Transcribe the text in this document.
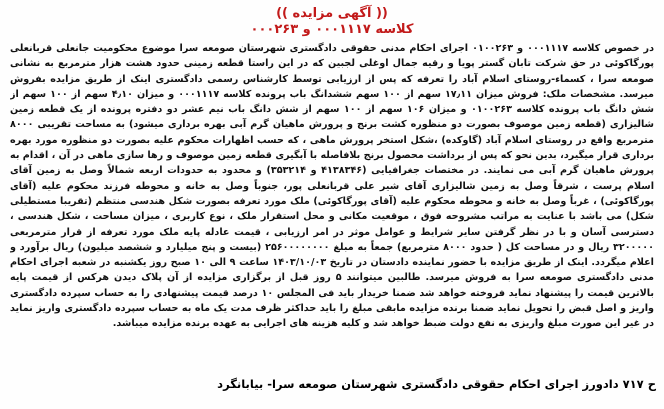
(( آگهی مزایده ))
کلاسه ۰۰۰۱۱۱۷ و ۰۰۰۲۶۳
در خصوص کلاسه ۰۰۰۱۱۱۷ و ۰۱۰۰۲۶۳ اجرای احکام مدنی حقوقی دادگستری شهرستان صومعه سرا موضوع محکومیت جانعلی قربانعلی پورگاکوئی در حق شرکت تابان گستر پویا و رقیه جمال اوغلی لجبین که در این راستا قطعه زمینی حدود هشت هزار مترمربع به نشانی صومعه سرا ، کسماء-روستای اسلام آباد را تعرفه که پس از ارزیابی توسط کارشناس رسمی دادگستری اینک از طریق مزایده بفروش میرسد. مشخصات ملک: فروش میزان ۱۷٫۱۱ سهم از ۱۰۰ سهم ششدانگ باب پرونده کلاسه ۰۰۰۱۱۱۷ و میزان ۴٫۱۰ سهم از ۱۰۰ سهم از شش دانگ باب پرونده کلاسه ۰۱۰۰۲۶۳ و میزان ۱۰۶ سهم از ۱۰۰ سهم از شش دانگ باب نیم عشر دو دفتره پرونده از یک قطعه زمین شالیزاری (قطعه زمین موصوف بصورت دو منظوره کشت برنج و پرورش ماهیان گرم آبی بهره برداری میشود) به مساحت تقریبی ۸۰۰۰ مترمربع واقع در روستای اسلام آباد (گاوکده) ،شکل استخر پرورش ماهی ، که حسب اظهارات محکوم علیه بصورت دو منظوره مورد بهره برداری قرار میگیرد، بدین نحو که پس از برداشت محصول برنج بلافاصله با آبگیری قطعه زمین موصوف و رها سازی ماهی در آن ، اقدام به پرورش ماهیان گرم آبی می نمایند. در مختصات جغرافیایی (۴۱۳۸۳۴۶ و ۳۵۳۲۱۴) و محدود به حدودات اربعه شمالاً وصل به زمین آقای اسلام پرست ، شرقاً وصل به زمین شالیزاری آقای شیر علی قربانعلی پور، جنوباً وصل به خانه و محوطه فرزند محکوم علیه (آقای پورگاکوئی) ، غرباً وصل به خانه و محوطه محکوم علیه (آقای پورگاکوئی) ملک مورد تعرفه بصورت شکل هندسی منتظم (تقریبا مستطیلی شکل) می باشد با عنایت به مراتب مشروحه فوق ، موقعیت مکانی و محل استقرار ملک ، نوع کاربری ، میزان مساحت ، شکل هندسی ، دسترسی آسان و با در نظر گرفتن سایر شرایط و عوامل موثر در امر ارزیابی ، قیمت عادله پایه ملک مورد تعرفه از قرار مترمربعی ۳۲۰۰۰۰۰ ریال و در مساحت کل ( حدود ۸۰۰۰ مترمربع) جمعاً به مبلغ ۲۵۶۰۰۰۰۰۰۰۰ (بیست و پنج میلیارد و ششصد میلیون) ریال برآورد و اعلام میگردد. اینک از طریق مزایده با حضور نماینده دادستان در تاریخ ۱۴۰۳/۱۰/۰۳ ساعت ۹ الی ۱۰ صبح روز یکشنبه در شعبه اجرای احکام مدنی دادگستری صومعه سرا به فروش میرسد. طالبین میتوانند ۵ روز قبل از برگزاری مزایده از آن پلاک دیدن هرکس از قیمت پایه بالاترین قیمت را پیشنهاد نماید فروخته خواهد شد ضمنا خریدار باید فی المجلس ۱۰ درصد قیمت پیشنهادی را به حساب سپرده دادگستری واریز و اصل قبض را تحویل نماید ضمنا برنده مزایده مابقی مبلغ را باید حداکثر ظرف مدت یک ماه به حساب سپرده دادگستری واریز نماید در غیر این صورت مبلغ واریزی به نفع دولت ضبط خواهد شد و کلیه هزینه های اجرایی به عهده برنده مزایده میباشد.
ح ۷۱۷ دادورز اجرای احکام حقوقی دادگستری شهرستان صومعه سرا- بیابانگرد
